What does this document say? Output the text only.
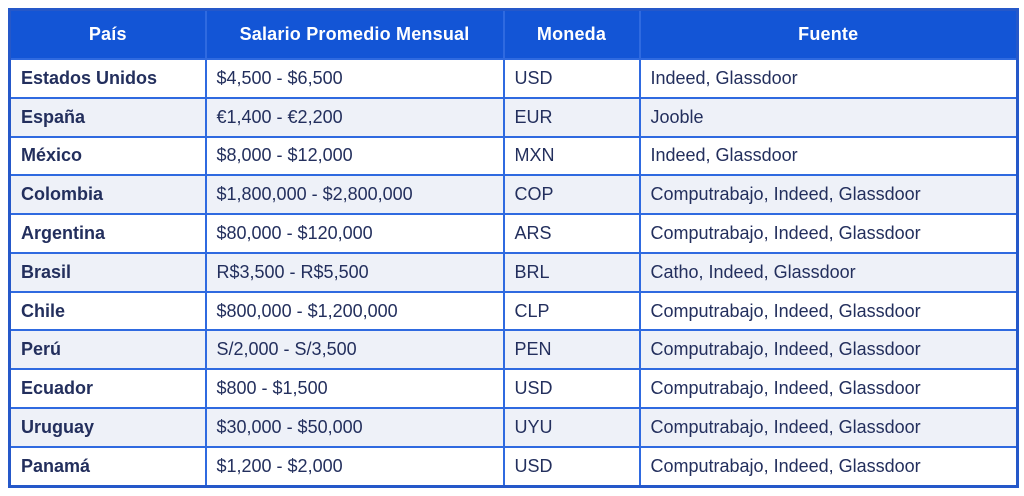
País	Salario Promedio Mensual	Moneda	Fuente
Estados Unidos	$4,500 - $6,500	USD	Indeed, Glassdoor
España	€1,400 - €2,200	EUR	Jooble
México	$8,000 - $12,000	MXN	Indeed, Glassdoor
Colombia	$1,800,000 - $2,800,000	COP	Computrabajo, Indeed, Glassdoor
Argentina	$80,000 - $120,000	ARS	Computrabajo, Indeed, Glassdoor
Brasil	R$3,500 - R$5,500	BRL	Catho, Indeed, Glassdoor
Chile	$800,000 - $1,200,000	CLP	Computrabajo, Indeed, Glassdoor
Perú	S/2,000 - S/3,500	PEN	Computrabajo, Indeed, Glassdoor
Ecuador	$800 - $1,500	USD	Computrabajo, Indeed, Glassdoor
Uruguay	$30,000 - $50,000	UYU	Computrabajo, Indeed, Glassdoor
Panamá	$1,200 - $2,000	USD	Computrabajo, Indeed, Glassdoor
